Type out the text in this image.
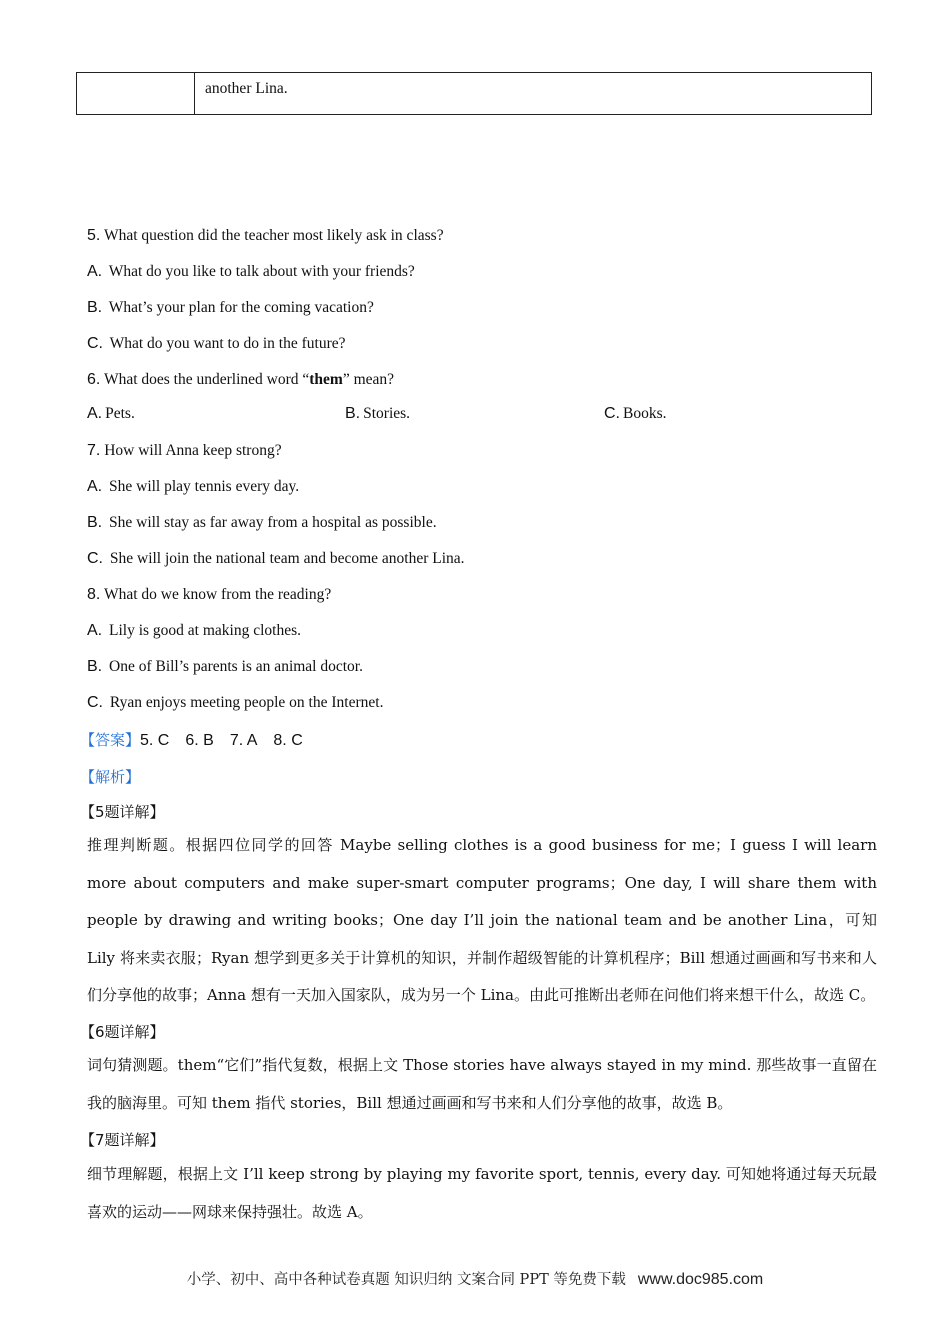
another Lina.
5. What question did the teacher most likely ask in class?
A. What do you like to talk about with your friends?
B. What’s your plan for the coming vacation?
C. What do you want to do in the future?
6. What does the underlined word “them” mean?
A. Pets.	B. Stories.	C. Books.
7. How will Anna keep strong?
A. She will play tennis every day.
B. She will stay as far away from a hospital as possible.
C. She will join the national team and become another Lina.
8. What do we know from the reading?
A. Lily is good at making clothes.
B. One of Bill’s parents is an animal doctor.
C. Ryan enjoys meeting people on the Internet.
【答案】5. C 6. B 7. A 8. C
【解析】
【5题详解】
推理判断题。根据四位同学的回答 Maybe selling clothes is a good business for me；I guess I will learn more about computers and make super-smart computer programs；One day, I will share them with people by drawing and writing books；One day I’ll join the national team and be another Lina，可知 Lily 将来卖衣服；Ryan 想学到更多关于计算机的知识，并制作超级智能的计算机程序；Bill 想通过画画和写书来和人们分享他的故事；Anna 想有一天加入国家队，成为另一个 Lina。由此可推断出老师在问他们将来想干什么，故选 C。
【6题详解】
词句猜测题。them“它们”指代复数，根据上文 Those stories have always stayed in my mind. 那些故事一直留在我的脑海里。可知 them 指代 stories，Bill 想通过画画和写书来和人们分享他的故事，故选 B。
【7题详解】
细节理解题，根据上文 I’ll keep strong by playing my favorite sport, tennis, every day. 可知她将通过每天玩最喜欢的运动——网球来保持强壮。故选 A。
小学、初中、高中各种试卷真题 知识归纳 文案合同 PPT 等免费下载 www.doc985.com
